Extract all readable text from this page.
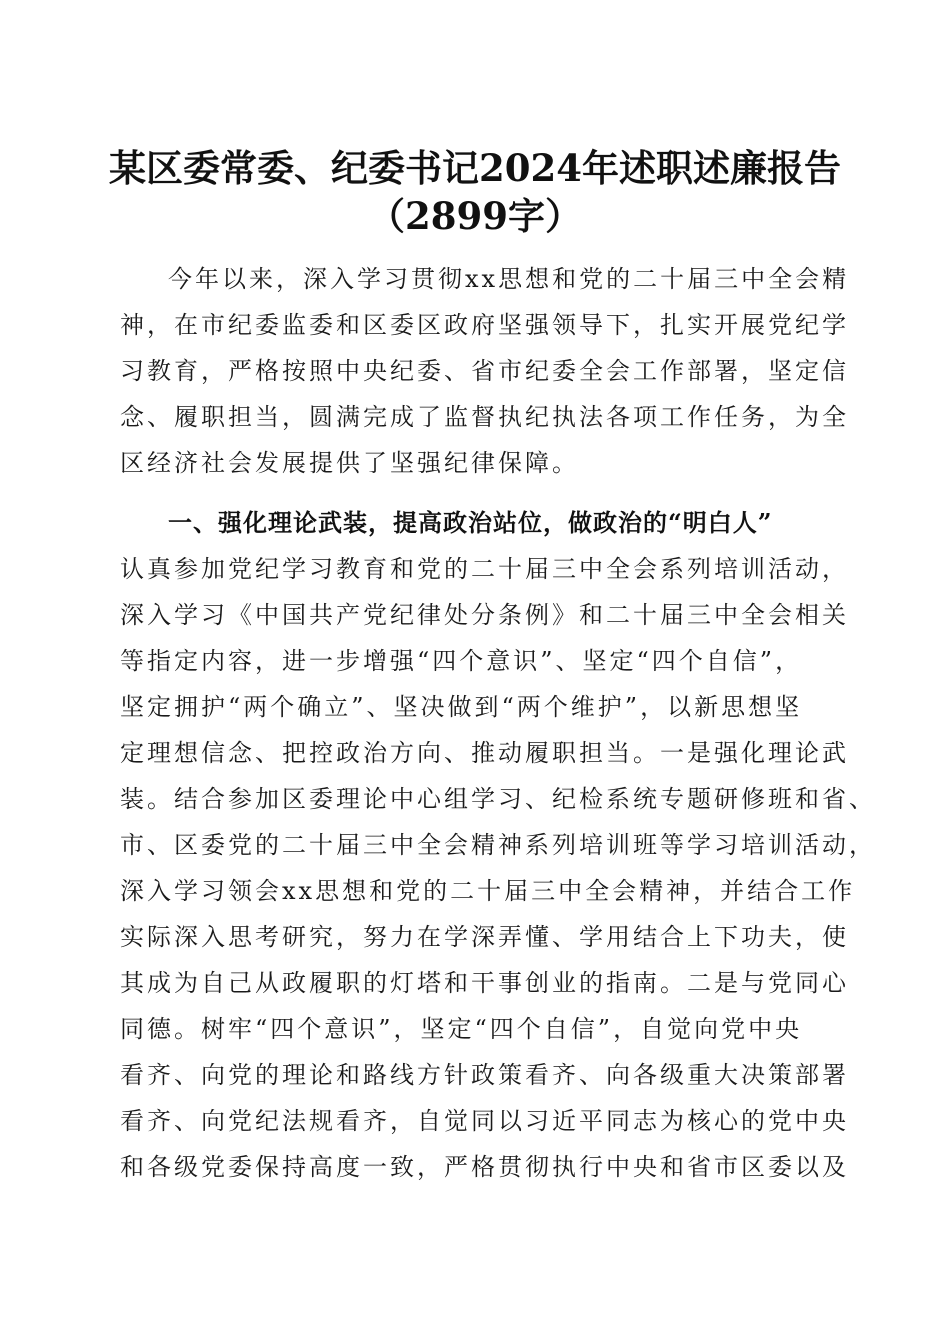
某区委常委、纪委书记2024年述职述廉报告
（2899字）
今年以来，深入学习贯彻xx思想和党的二十届三中全会精
神，在市纪委监委和区委区政府坚强领导下，扎实开展党纪学
习教育，严格按照中央纪委、省市纪委全会工作部署，坚定信
念、履职担当，圆满完成了监督执纪执法各项工作任务，为全
区经济社会发展提供了坚强纪律保障。
一、强化理论武装，提高政治站位，做政治的“明白人”
认真参加党纪学习教育和党的二十届三中全会系列培训活动，
深入学习《中国共产党纪律处分条例》和二十届三中全会相关
等指定内容，进一步增强“四个意识”、坚定“四个自信”，
坚定拥护“两个确立”、坚决做到“两个维护”，以新思想坚
定理想信念、把控政治方向、推动履职担当。一是强化理论武
装。结合参加区委理论中心组学习、纪检系统专题研修班和省、
市、区委党的二十届三中全会精神系列培训班等学习培训活动，
深入学习领会xx思想和党的二十届三中全会精神，并结合工作
实际深入思考研究，努力在学深弄懂、学用结合上下功夫，使
其成为自己从政履职的灯塔和干事创业的指南。二是与党同心
同德。树牢“四个意识”，坚定“四个自信”，自觉向党中央
看齐、向党的理论和路线方针政策看齐、向各级重大决策部署
看齐、向党纪法规看齐，自觉同以习近平同志为核心的党中央
和各级党委保持高度一致，严格贯彻执行中央和省市区委以及
